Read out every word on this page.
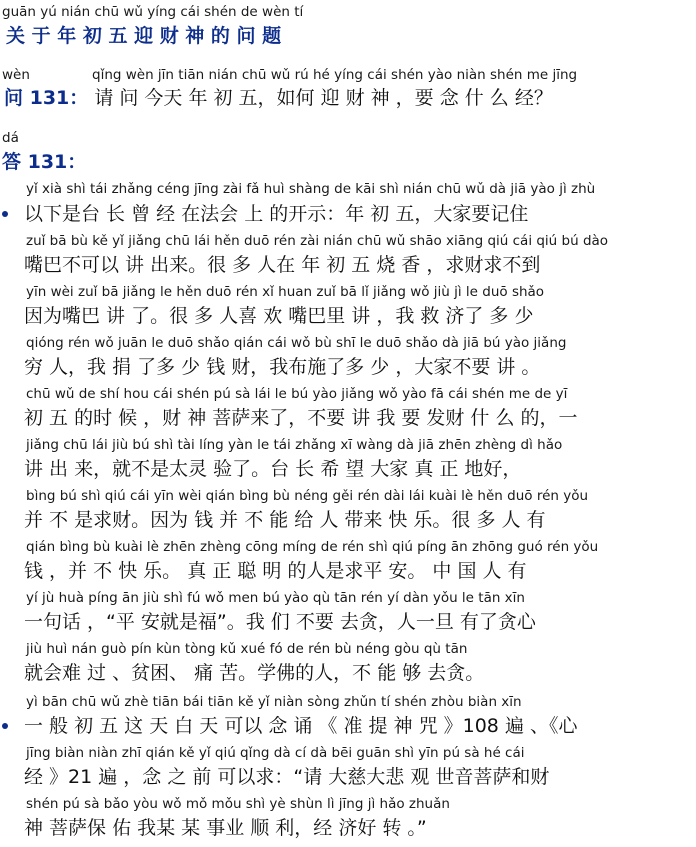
guān yú nián chū wǔ yíng cái shén de wèn tí
关 于 年 初 五 迎 财 神 的 问 题
wèn	qǐng wèn jīn tiān nián chū wǔ rú hé yíng cái shén yào niàn shén me jīng
问 131： 请 问 今天 年 初 五，如何 迎 财 神 ，要 念 什 么 经？
dá
答 131：
yǐ xià shì tái zhǎng céng jīng zài fǎ huì shàng de kāi shì nián chū wǔ dà jiā yào jì zhù
以下是台 长 曾 经 在法会 上 的开示：年 初 五，大家要记住
zuǐ bā bù kě yǐ jiǎng chū lái hěn duō rén zài nián chū wǔ shāo xiāng qiú cái qiú bú dào
嘴巴不可以 讲 出来。很 多 人在 年 初 五 烧 香 ，求财求不到
yīn wèi zuǐ bā jiǎng le hěn duō rén xǐ huan zuǐ bā lǐ jiǎng wǒ jiù jì le duō shǎo
因为嘴巴 讲 了。很 多 人喜 欢 嘴巴里 讲 ，我 救 济了 多 少
qióng rén wǒ juān le duō shǎo qián cái wǒ bù shī le duō shǎo dà jiā bú yào jiǎng
穷 人，我 捐 了多 少 钱 财，我布施了多 少 ，大家不要 讲 。
chū wǔ de shí hou cái shén pú sà lái le bú yào jiǎng wǒ yào fā cái shén me de yī
初 五 的时 候 ，财 神 菩萨来了，不要 讲 我 要 发财 什 么 的，一
jiǎng chū lái jiù bú shì tài líng yàn le tái zhǎng xī wàng dà jiā zhēn zhèng dì hǎo
讲 出 来，就不是太灵 验了。台 长 希 望 大家 真 正 地好，
bìng bú shì qiú cái yīn wèi qián bìng bù néng gěi rén dài lái kuài lè hěn duō rén yǒu
并 不 是求财。因为 钱 并 不 能 给 人 带来 快 乐。很 多 人 有
qián bìng bù kuài lè zhēn zhèng cōng míng de rén shì qiú píng ān zhōng guó rén yǒu
钱 ，并 不 快 乐。 真 正 聪 明 的人是求平 安。 中 国 人 有
yí jù huà píng ān jiù shì fú wǒ men bú yào qù tān rén yí dàn yǒu le tān xīn
一句话 ，“平 安就是福”。我 们 不要 去贪，人一旦 有了贪心
jiù huì nán guò pín kùn tòng kǔ xué fó de rén bù néng gòu qù tān
就会难 过 、贫困、 痛 苦。学佛的人，不 能 够 去贪。
yì bān chū wǔ zhè tiān bái tiān kě yǐ niàn sòng zhǔn tí shén zhòu biàn xīn
一 般 初 五 这 天 白 天 可以 念 诵 《 准 提 神 咒 》108 遍 、《心
jīng biàn niàn zhī qián kě yǐ qiú qǐng dà cí dà bēi guān shì yīn pú sà hé cái
经 》21 遍 ，念 之 前 可以求：“请 大慈大悲 观 世音菩萨和财
shén pú sà bǎo yòu wǒ mǒ mǒu shì yè shùn lì jīng jì hǎo zhuǎn
神 菩萨保 佑 我某 某 事业 顺 利，经 济好 转 。”
